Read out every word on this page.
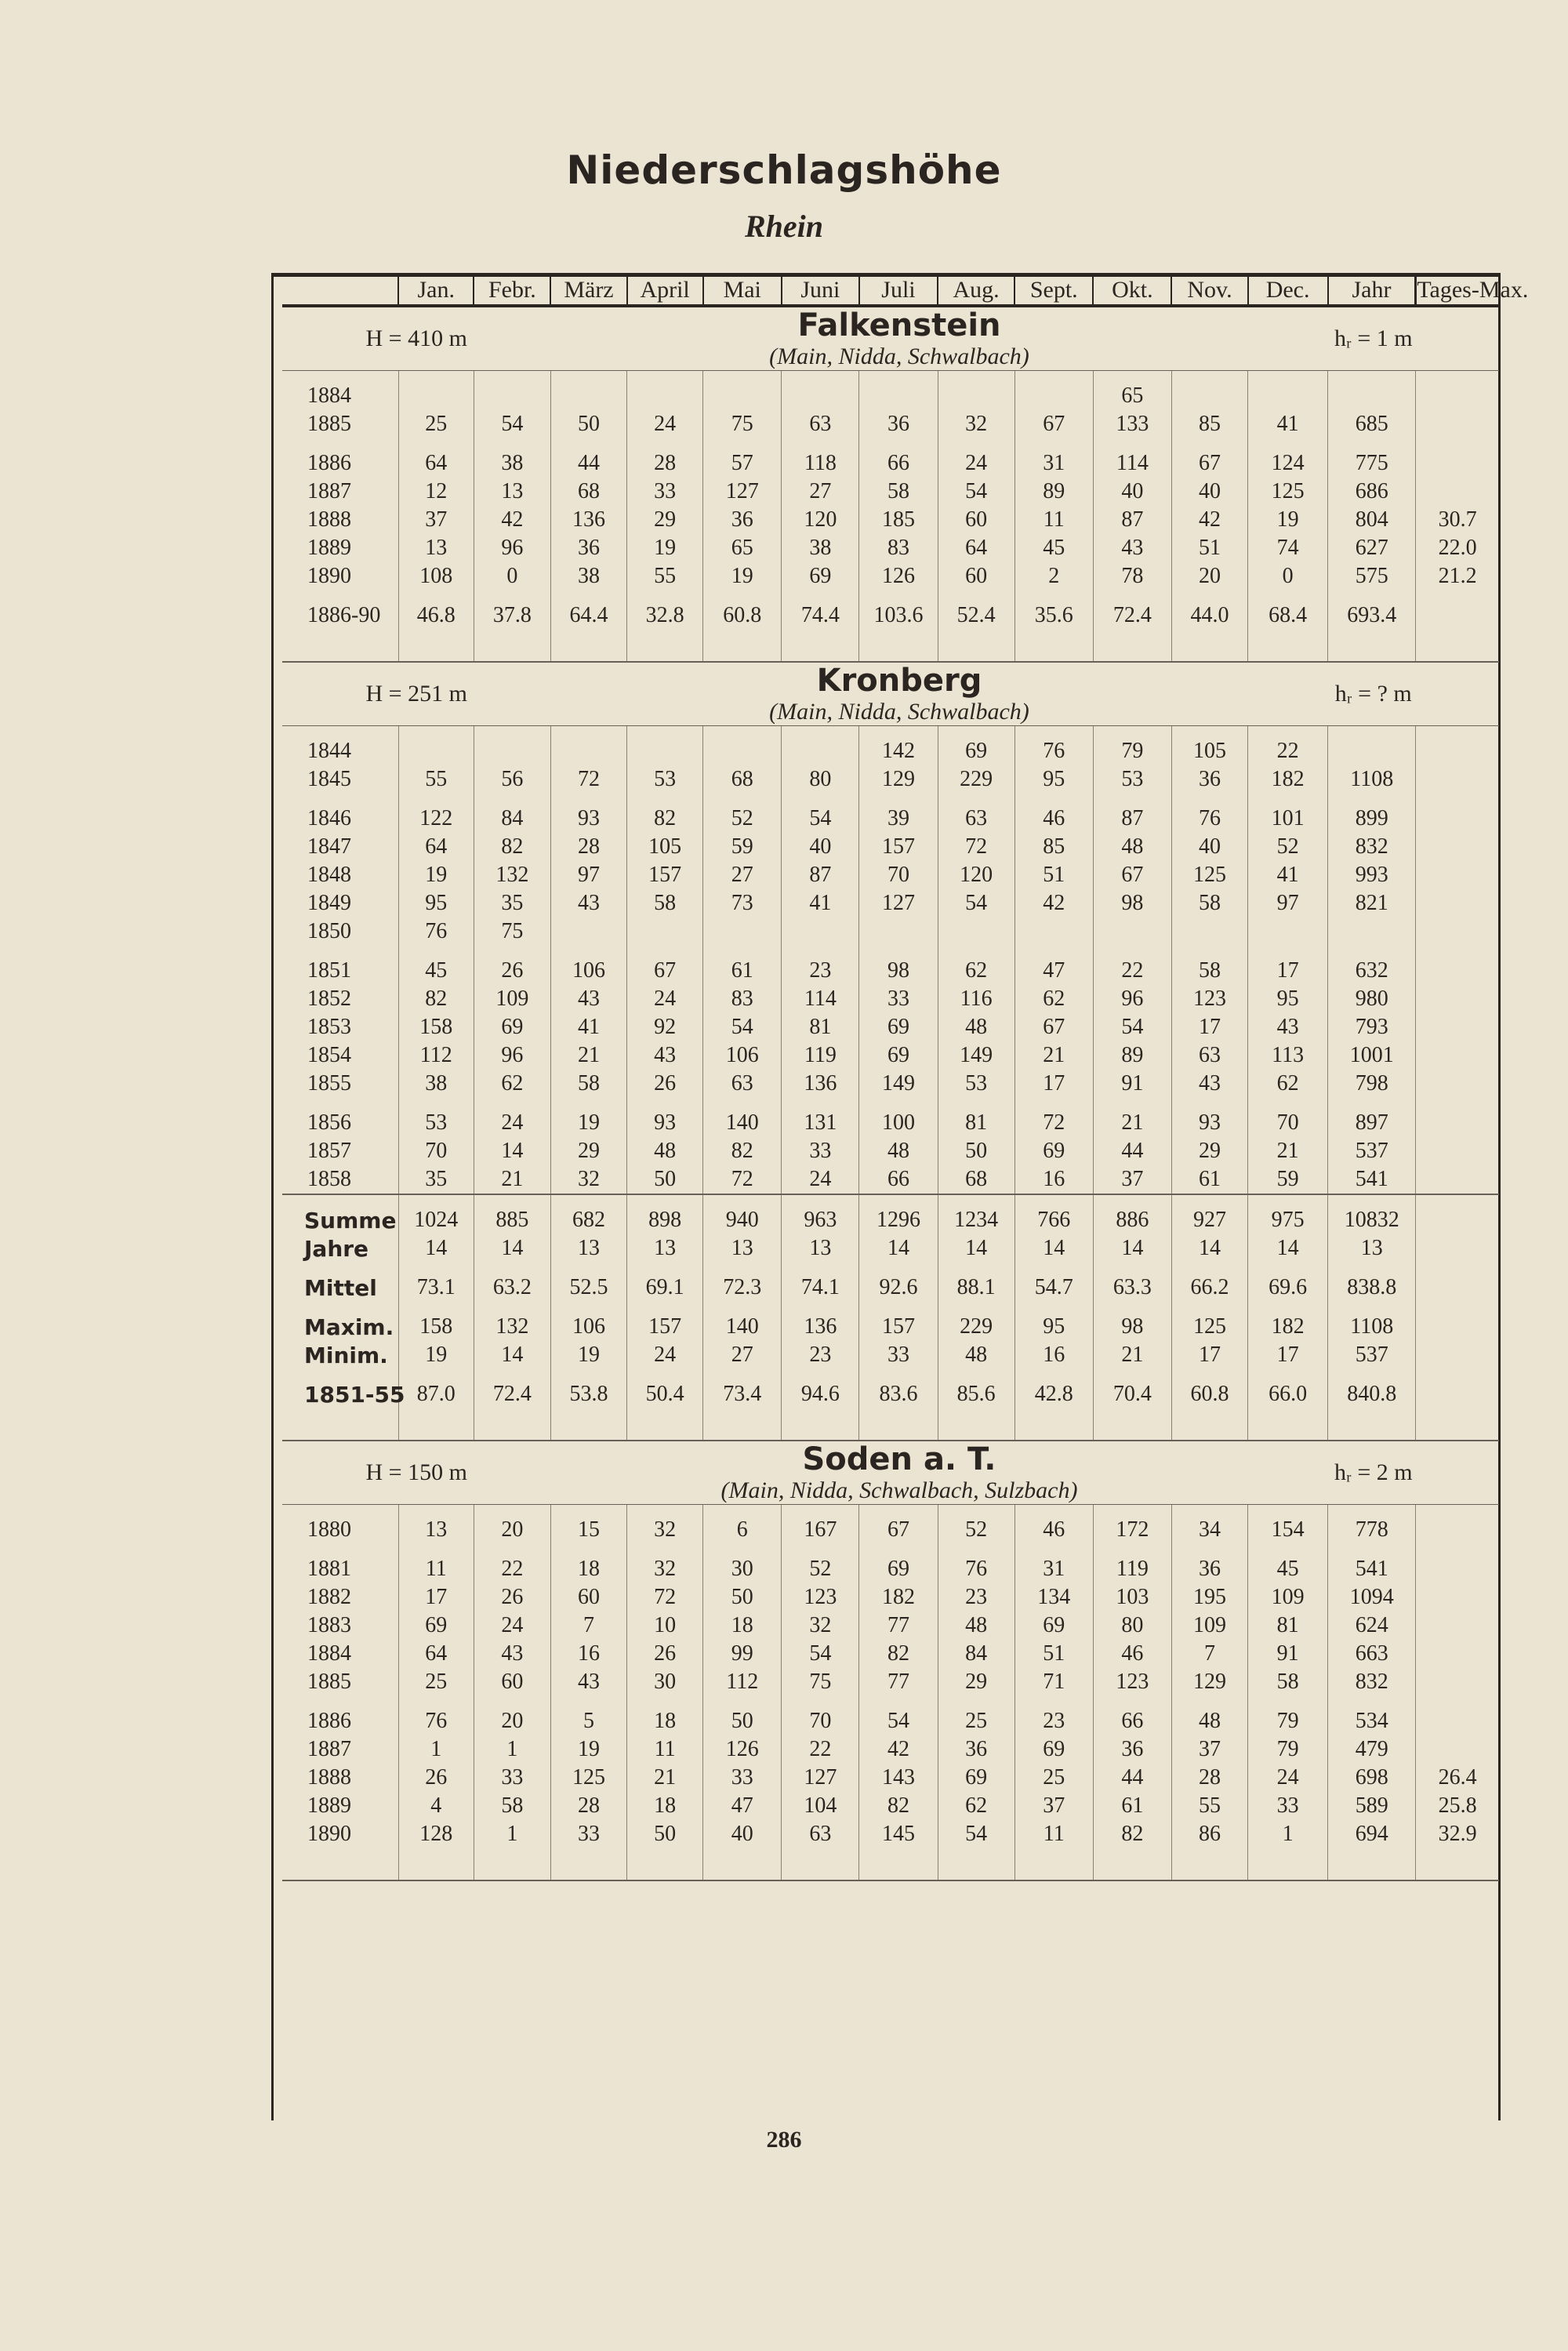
Niederschlagshöhe
Rhein
	Jan.	Febr.	März	April	Mai	Juni	Juli	Aug.	Sept.	Okt.	Nov.	Dec.	Jahr	Tages-Max.
H = 410 m			Falkenstein
(Main, Nidda, Schwalbach)									hᵣ = 1 m		

1884										65				
1885	25	54	50	24	75	63	36	32	67	133	85	41	685	

1886	64	38	44	28	57	118	66	24	31	114	67	124	775	
1887	12	13	68	33	127	27	58	54	89	40	40	125	686	
1888	37	42	136	29	36	120	185	60	11	87	42	19	804	30.7
1889	13	96	36	19	65	38	83	64	45	43	51	74	627	22.0
1890	108	0	38	55	19	69	126	60	2	78	20	0	575	21.2

1886-90	46.8	37.8	64.4	32.8	60.8	74.4	103.6	52.4	35.6	72.4	44.0	68.4	693.4	

H = 251 m			Kronberg
(Main, Nidda, Schwalbach)									hᵣ = ? m		

1844							142	69	76	79	105	22		
1845	55	56	72	53	68	80	129	229	95	53	36	182	1108	

1846	122	84	93	82	52	54	39	63	46	87	76	101	899	
1847	64	82	28	105	59	40	157	72	85	48	40	52	832	
1848	19	132	97	157	27	87	70	120	51	67	125	41	993	
1849	95	35	43	58	73	41	127	54	42	98	58	97	821	
1850	76	75												

1851	45	26	106	67	61	23	98	62	47	22	58	17	632	
1852	82	109	43	24	83	114	33	116	62	96	123	95	980	
1853	158	69	41	92	54	81	69	48	67	54	17	43	793	
1854	112	96	21	43	106	119	69	149	21	89	63	113	1001	
1855	38	62	58	26	63	136	149	53	17	91	43	62	798	

1856	53	24	19	93	140	131	100	81	72	21	93	70	897	
1857	70	14	29	48	82	33	48	50	69	44	29	21	537	
1858	35	21	32	50	72	24	66	68	16	37	61	59	541	

Summe	1024	885	682	898	940	963	1296	1234	766	886	927	975	10832	
Jahre	14	14	13	13	13	13	14	14	14	14	14	14	13	

Mittel	73.1	63.2	52.5	69.1	72.3	74.1	92.6	88.1	54.7	63.3	66.2	69.6	838.8	

Maxim.	158	132	106	157	140	136	157	229	95	98	125	182	1108	
Minim.	19	14	19	24	27	23	33	48	16	21	17	17	537	

1851-55	87.0	72.4	53.8	50.4	73.4	94.6	83.6	85.6	42.8	70.4	60.8	66.0	840.8	

H = 150 m			Soden a. T.
(Main, Nidda, Schwalbach, Sulzbach)									hᵣ = 2 m		

1880	13	20	15	32	6	167	67	52	46	172	34	154	778	

1881	11	22	18	32	30	52	69	76	31	119	36	45	541	
1882	17	26	60	72	50	123	182	23	134	103	195	109	1094	
1883	69	24	7	10	18	32	77	48	69	80	109	81	624	
1884	64	43	16	26	99	54	82	84	51	46	7	91	663	
1885	25	60	43	30	112	75	77	29	71	123	129	58	832	

1886	76	20	5	18	50	70	54	25	23	66	48	79	534	
1887	1	1	19	11	126	22	42	36	69	36	37	79	479	
1888	26	33	125	21	33	127	143	69	25	44	28	24	698	26.4
1889	4	58	28	18	47	104	82	62	37	61	55	33	589	25.8
1890	128	1	33	50	40	63	145	54	11	82	86	1	694	32.9

286
